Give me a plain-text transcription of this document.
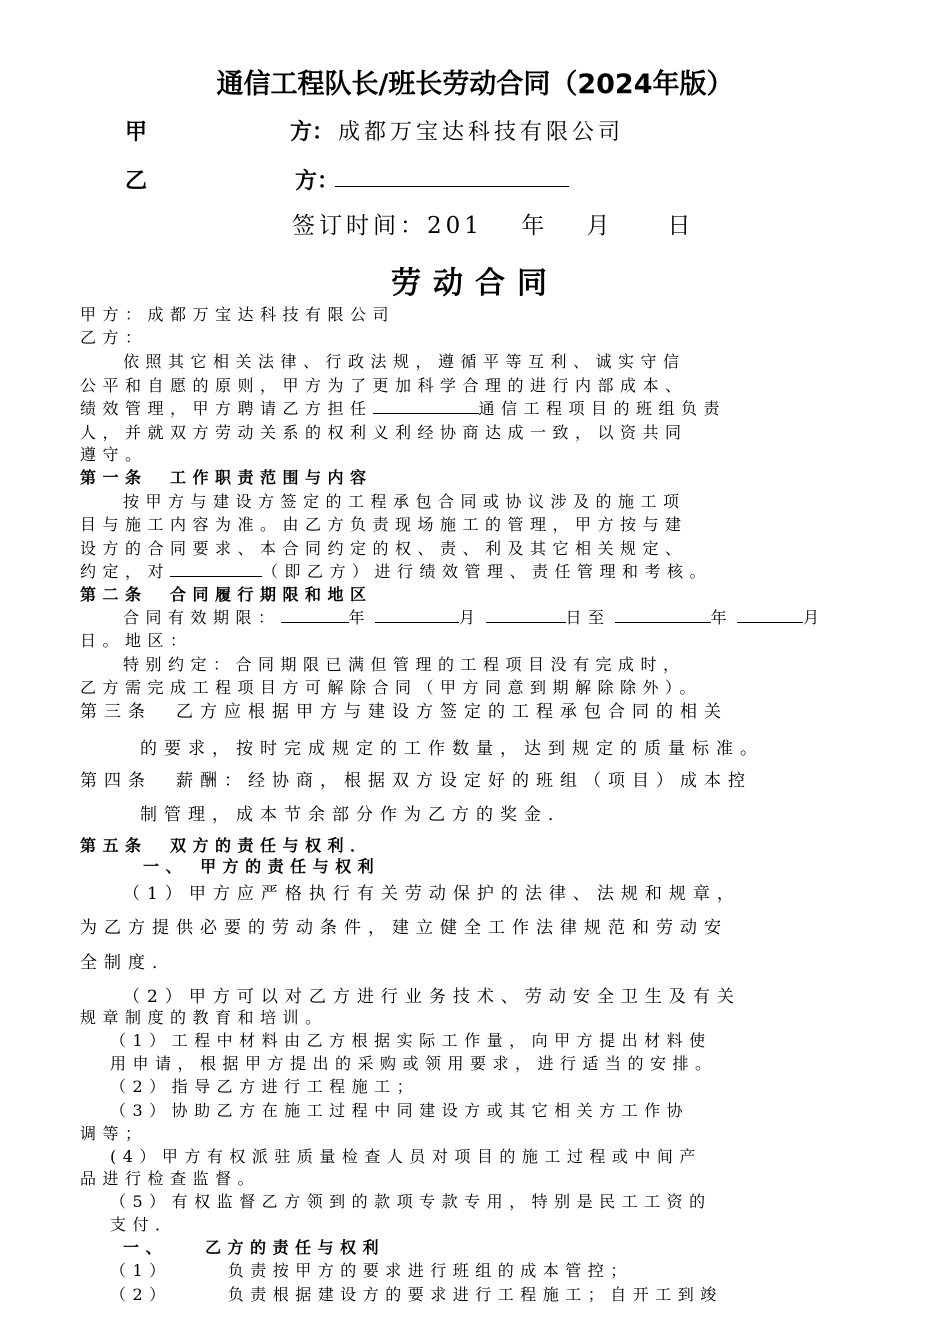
通信工程队长/班长劳动合同（2024年版）
甲	方： 成都万宝达科技有限公司
乙	方：
签订时间：201　 年　 月　　日
劳动合同
甲方：成都万宝达科技有限公司
乙方：
依照其它相关法律、行政法规，遵循平等互利、诚实守信
公平和自愿的原则，甲方为了更加科学合理的进行内部成本、
绩效管理，甲方聘请乙方担任	通信工程项目的班组负责
人，并就双方劳动关系的权利义利经协商达成一致，以资共同
遵守。
第一条　工作职责范围与内容
按甲方与建设方签定的工程承包合同或协议涉及的施工项
目与施工内容为准。由乙方负责现场施工的管理，甲方按与建
设方的合同要求、本合同约定的权、责、利及其它相关规定、
约定，对	（即乙方）进行绩效管理、责任管理和考核。
第二条　合同履行期限和地区
合同有效期限：	年	月	日至	年	月
日。地区：
特别约定：合同期限已满但管理的工程项目没有完成时，
乙方需完成工程项目方可解除合同（甲方同意到期解除除外）。
第三条　乙方应根据甲方与建设方签定的工程承包合同的相关
的要求，按时完成规定的工作数量，达到规定的质量标准。
第四条　薪酬：经协商，根据双方设定好的班组（项目）成本控
制管理，成本节余部分作为乙方的奖金．
第五条　双方的责任与权利．
一、 甲方的责任与权利
（1）甲方应严格执行有关劳动保护的法律、法规和规章，
为乙方提供必要的劳动条件，建立健全工作法律规范和劳动安
全制度．
（2）甲方可以对乙方进行业务技术、劳动安全卫生及有关
规章制度的教育和培训。
（1）工程中材料由乙方根据实际工作量，向甲方提出材料使
用申请，根据甲方提出的采购或领用要求，进行适当的安排。
（2）指导乙方进行工程施工；
（3）协助乙方在施工过程中同建设方或其它相关方工作协
调等；
(4）甲方有权派驻质量检查人员对项目的施工过程或中间产
品进行检查监督。
（5）有权监督乙方领到的款项专款专用，特别是民工工资的
支付．
一、　　乙方的责任与权利
（1）	负责按甲方的要求进行班组的成本管控；
（2）	负责根据建设方的要求进行工程施工；自开工到竣
